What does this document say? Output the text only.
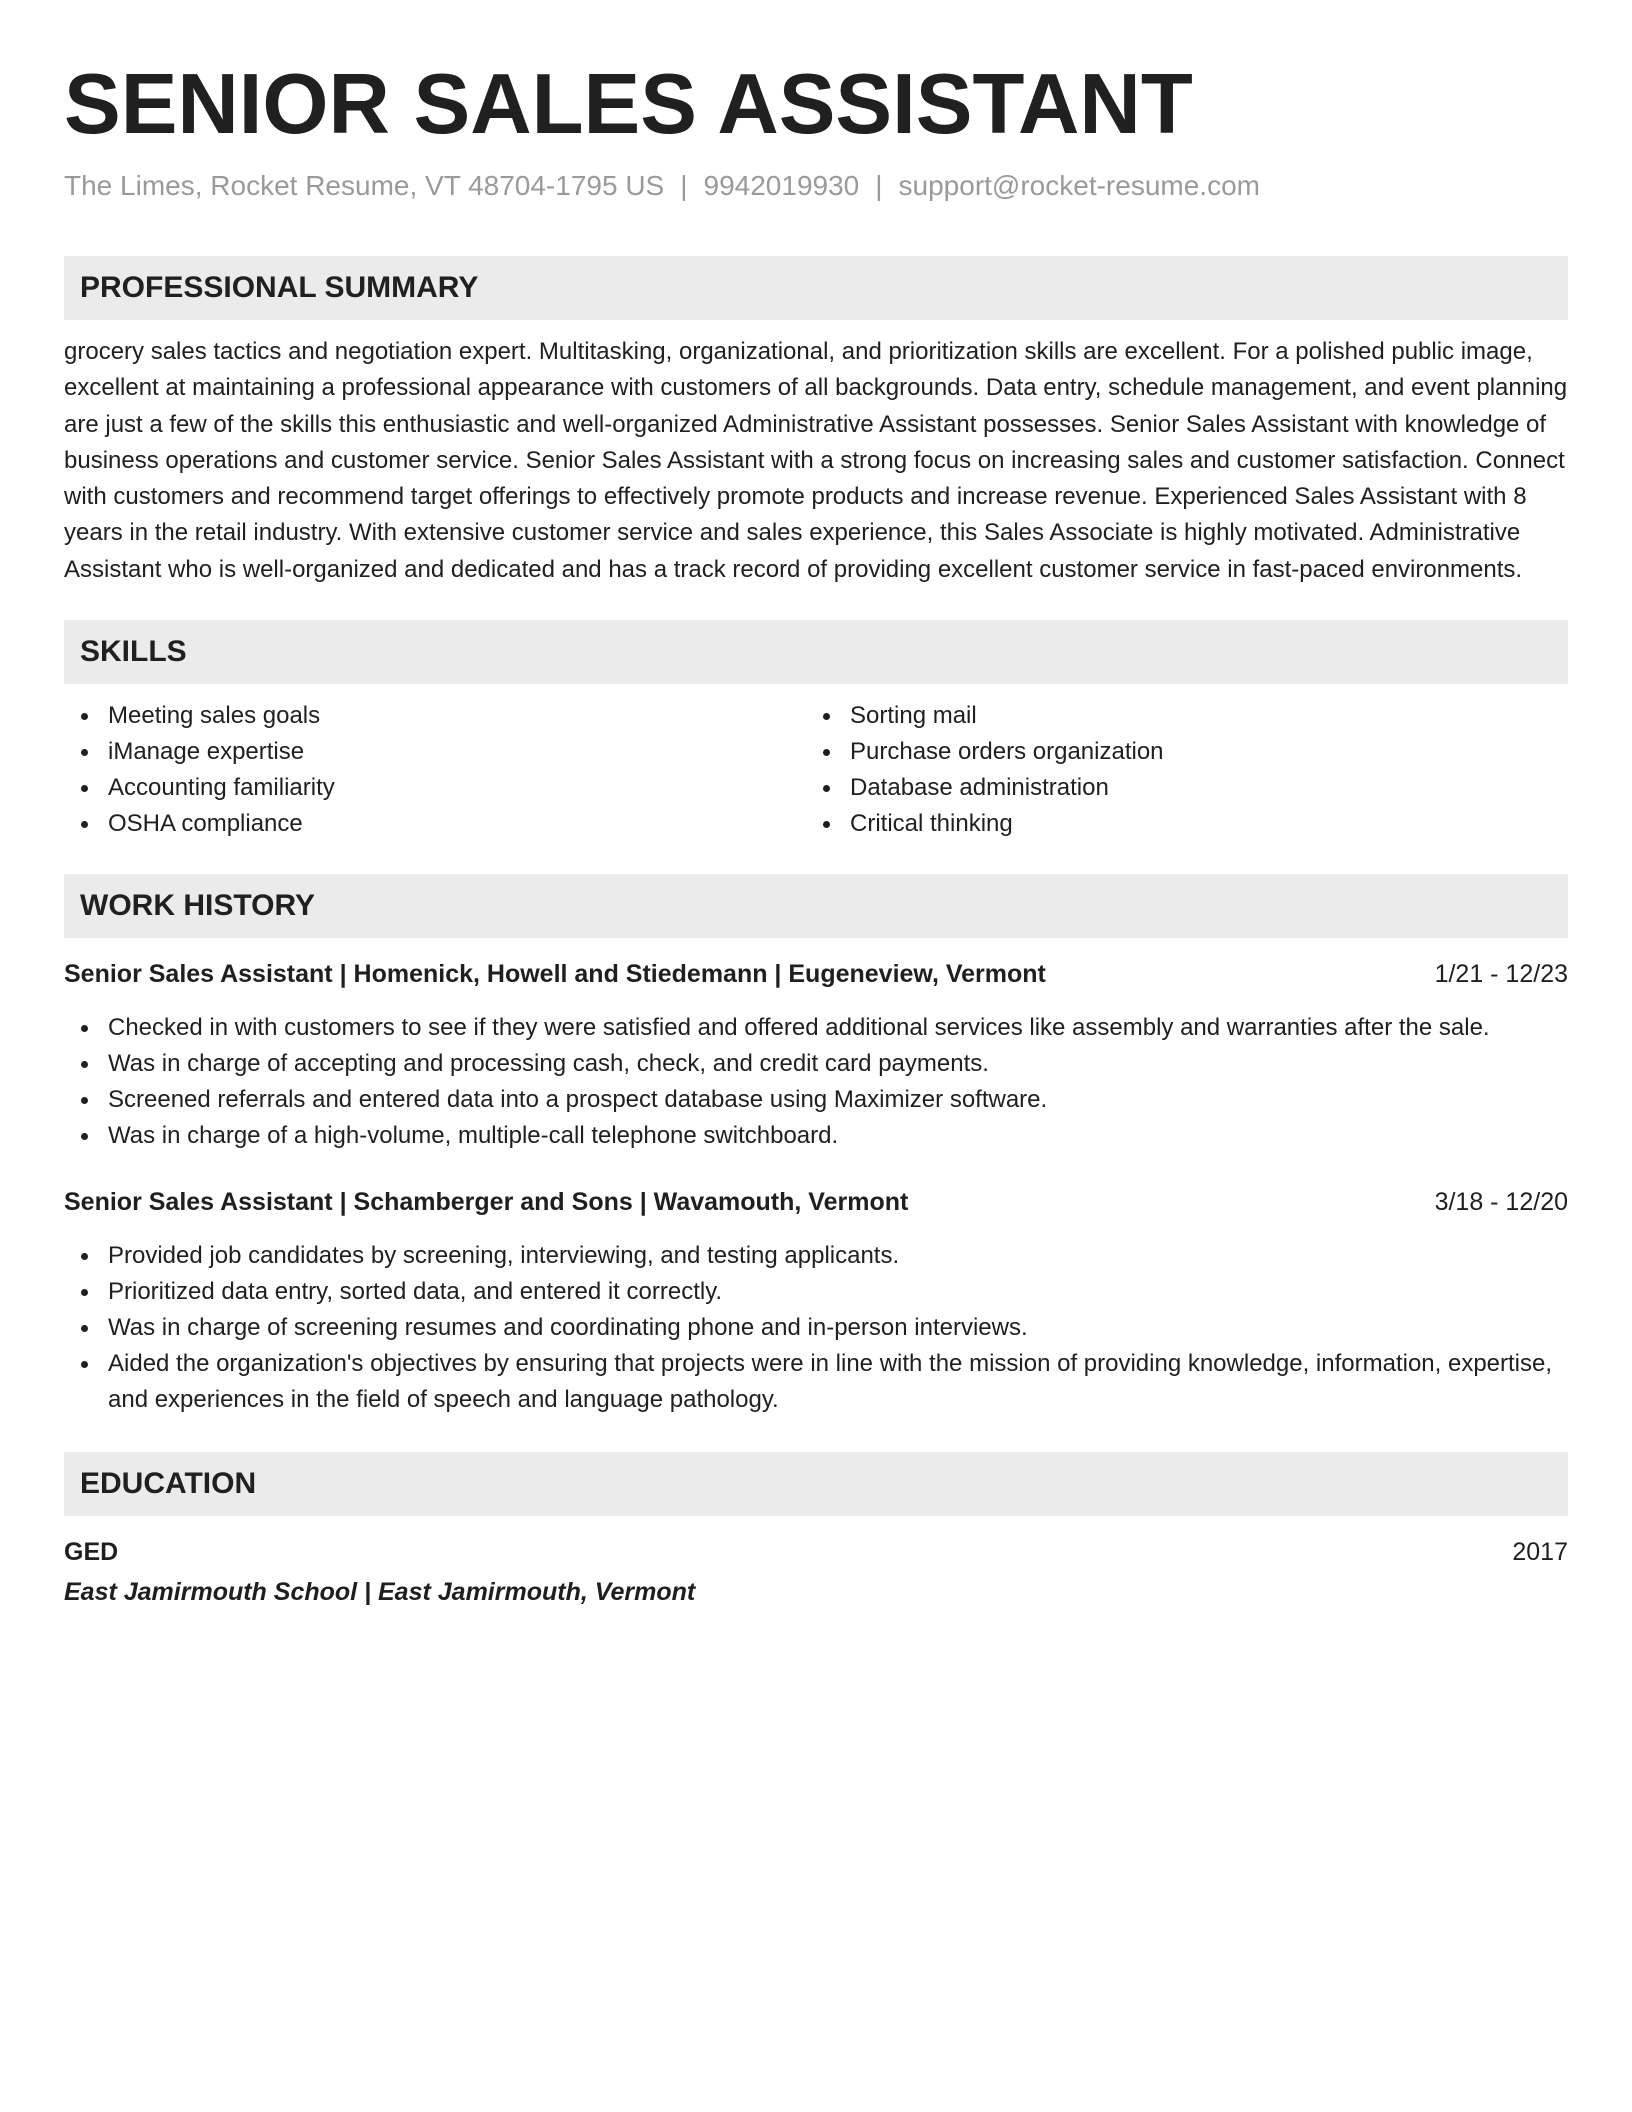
SENIOR SALES ASSISTANT
The Limes, Rocket Resume, VT 48704-1795 US | 9942019930 | support@rocket-resume.com
PROFESSIONAL SUMMARY
grocery sales tactics and negotiation expert. Multitasking, organizational, and prioritization skills are excellent. For a polished public image, excellent at maintaining a professional appearance with customers of all backgrounds. Data entry, schedule management, and event planning are just a few of the skills this enthusiastic and well-organized Administrative Assistant possesses. Senior Sales Assistant with knowledge of business operations and customer service. Senior Sales Assistant with a strong focus on increasing sales and customer satisfaction. Connect with customers and recommend target offerings to effectively promote products and increase revenue. Experienced Sales Assistant with 8 years in the retail industry. With extensive customer service and sales experience, this Sales Associate is highly motivated. Administrative Assistant who is well-organized and dedicated and has a track record of providing excellent customer service in fast-paced environments.
SKILLS
Meeting sales goals
iManage expertise
Accounting familiarity
OSHA compliance
Sorting mail
Purchase orders organization
Database administration
Critical thinking
WORK HISTORY
Senior Sales Assistant | Homenick, Howell and Stiedemann | Eugeneview, Vermont	1/21 - 12/23
Checked in with customers to see if they were satisfied and offered additional services like assembly and warranties after the sale.
Was in charge of accepting and processing cash, check, and credit card payments.
Screened referrals and entered data into a prospect database using Maximizer software.
Was in charge of a high-volume, multiple-call telephone switchboard.
Senior Sales Assistant | Schamberger and Sons | Wavamouth, Vermont	3/18 - 12/20
Provided job candidates by screening, interviewing, and testing applicants.
Prioritized data entry, sorted data, and entered it correctly.
Was in charge of screening resumes and coordinating phone and in-person interviews.
Aided the organization's objectives by ensuring that projects were in line with the mission of providing knowledge, information, expertise, and experiences in the field of speech and language pathology.
EDUCATION
GED	2017
East Jamirmouth School | East Jamirmouth, Vermont
